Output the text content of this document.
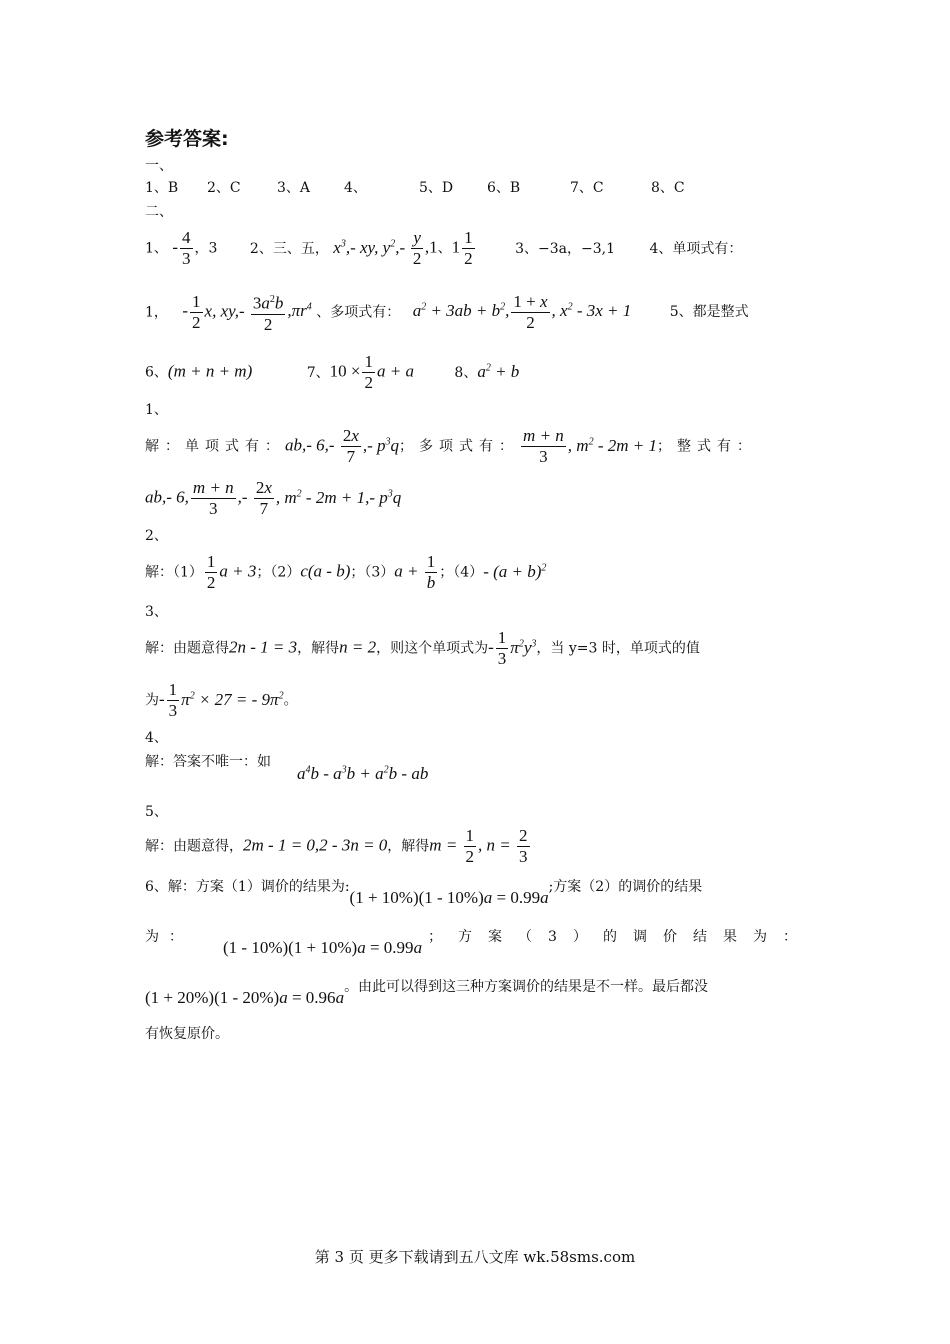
参考答案:
一、
1、B 2、C	3、A 4、	5、D 6、B	7、C	8、C
二、
1、 - $\frac{4}{3}$ ，3 2、三、五， $x^3,-$ xy, $y^2,- \frac{y}{2} ,1$、$1 \frac{1}{2}$	3、−3a，−3,1 4、单项式有：
1， - $\frac{1}{2} x$, $xy,- \frac{3a^2b}{2} ,\pi r^4$ 、多项式有： $a^2 + 3ab + b^2$, $\frac{1 + x}{2}$ , $x^2 - 3x + 1$	5、都是整式
6、(m + n + m)	7、$10 \times \frac{1}{2}$ a + a	8、$a^2 + b$
1、
解：单项式有：ab,- $6,- \frac{2x}{7}$ ,- $p^3q$；多项式有： $\frac{m + n}{3}$ , $m^2 - 2m + 1$；整式有：
ab,- 6, $\frac{m + n}{3}$ ,- $\frac{2x}{7}$ , $m^2 - 2m + 1,-$ $p^3q$
2、
解：$(1) \frac{1}{2}$ a + 3；（2）c(a - b)；$(3)a + \frac{1}{b}$ ；（4）- $(a + b)^2$
3、
解：由题意得2n - 1 = 3，解得n = 2，则这个单项式为- $\frac{1}{3} \pi^2y^3$，当 y=3 时，单项式的值
为- $\frac{1}{3} \pi^2 \times 27$ = - $9\pi^2$。
4、
解：答案不唯一：如
$a^4b - a^3b + a^2b$ - ab
5、
解：由题意得，2m - 1 = 0,2 - 3n = 0，解得$m = \frac{1}{2}$ , $n = \frac{2}{3}$
6、解：方案（1）调价的结果为:(1 + 10%)(1 - 10%)a = 0.99a;方案（2）的调价的结果
为：(1 - 10%)(1 + 10%)a = 0.99a；方案（3）的调价结果为：
(1 + 20%)(1 - 20%)a = 0.96a。由此可以得到这三种方案调价的结果是不一样。最后都没
有恢复原价。
第 3 页 更多下载请到五八文库 wk.58sms.com
